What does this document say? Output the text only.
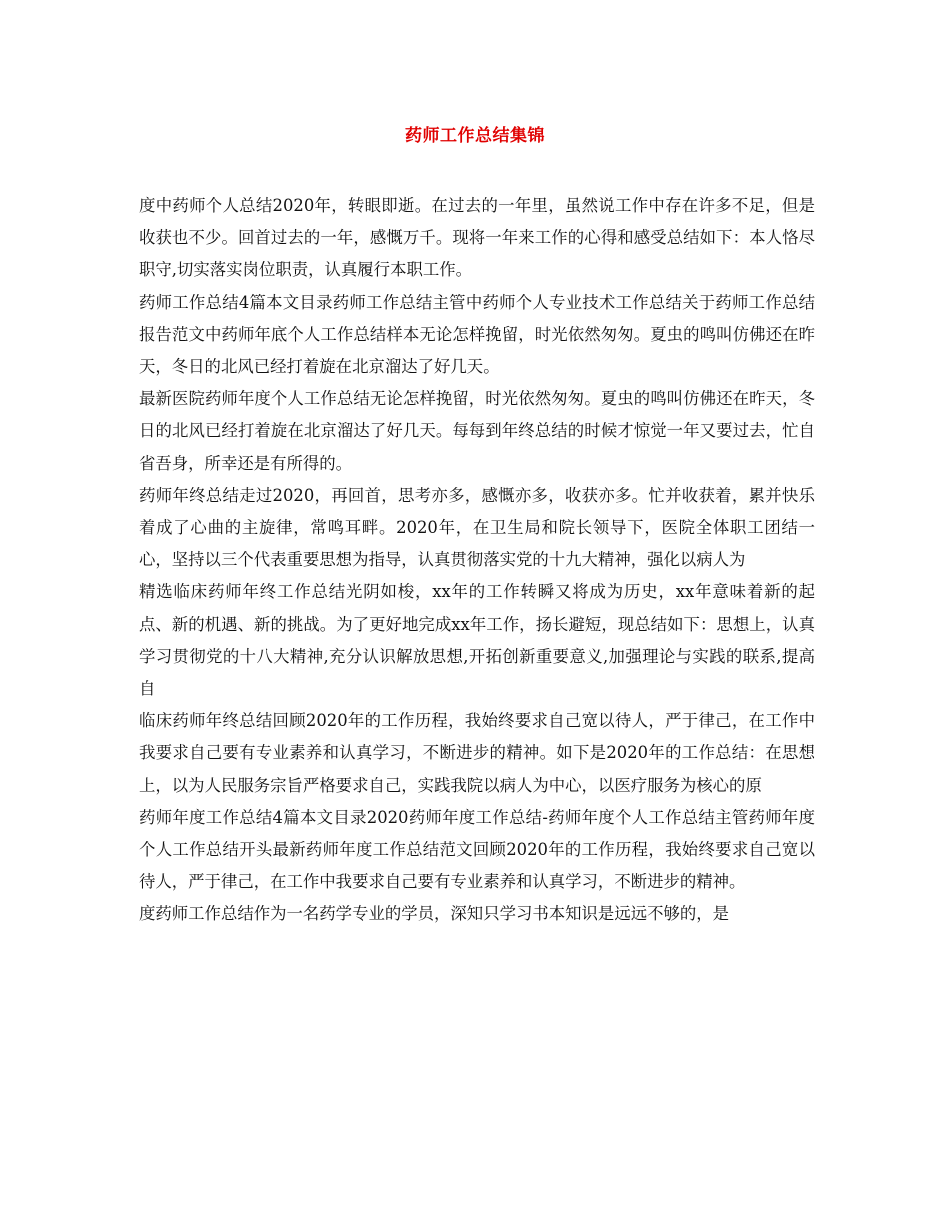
药师工作总结集锦

度中药师个人总结2020年，转眼即逝。在过去的一年里，虽然说工作中存在许多不足，但是收获也不少。回首过去的一年，感慨万千。现将一年来工作的心得和感受总结如下：本人恪尽职守,切实落实岗位职责，认真履行本职工作。

药师工作总结4篇本文目录药师工作总结主管中药师个人专业技术工作总结关于药师工作总结报告范文中药师年底个人工作总结样本无论怎样挽留，时光依然匆匆。夏虫的鸣叫仿佛还在昨天，冬日的北风已经打着旋在北京溜达了好几天。

最新医院药师年度个人工作总结无论怎样挽留，时光依然匆匆。夏虫的鸣叫仿佛还在昨天，冬日的北风已经打着旋在北京溜达了好几天。每每到年终总结的时候才惊觉一年又要过去，忙自省吾身，所幸还是有所得的。

药师年终总结走过2020，再回首，思考亦多，感慨亦多，收获亦多。忙并收获着，累并快乐着成了心曲的主旋律，常鸣耳畔。2020年，在卫生局和院长领导下，医院全体职工团结一心，坚持以三个代表重要思想为指导，认真贯彻落实党的十九大精神，强化以病人为

精选临床药师年终工作总结光阴如梭，xx年的工作转瞬又将成为历史，xx年意味着新的起点、新的机遇、新的挑战。为了更好地完成xx年工作，扬长避短，现总结如下：思想上，认真学习贯彻党的十八大精神,充分认识解放思想,开拓创新重要意义,加强理论与实践的联系,提高自

临床药师年终总结回顾2020年的工作历程，我始终要求自己宽以待人，严于律己，在工作中我要求自己要有专业素养和认真学习，不断进步的精神。如下是2020年的工作总结：在思想上，以为人民服务宗旨严格要求自己，实践我院以病人为中心，以医疗服务为核心的原

药师年度工作总结4篇本文目录2020药师年度工作总结-药师年度个人工作总结主管药师年度个人工作总结开头最新药师年度工作总结范文回顾2020年的工作历程，我始终要求自己宽以待人，严于律己，在工作中我要求自己要有专业素养和认真学习，不断进步的精神。

度药师工作总结作为一名药学专业的学员，深知只学习书本知识是远远不够的，是
